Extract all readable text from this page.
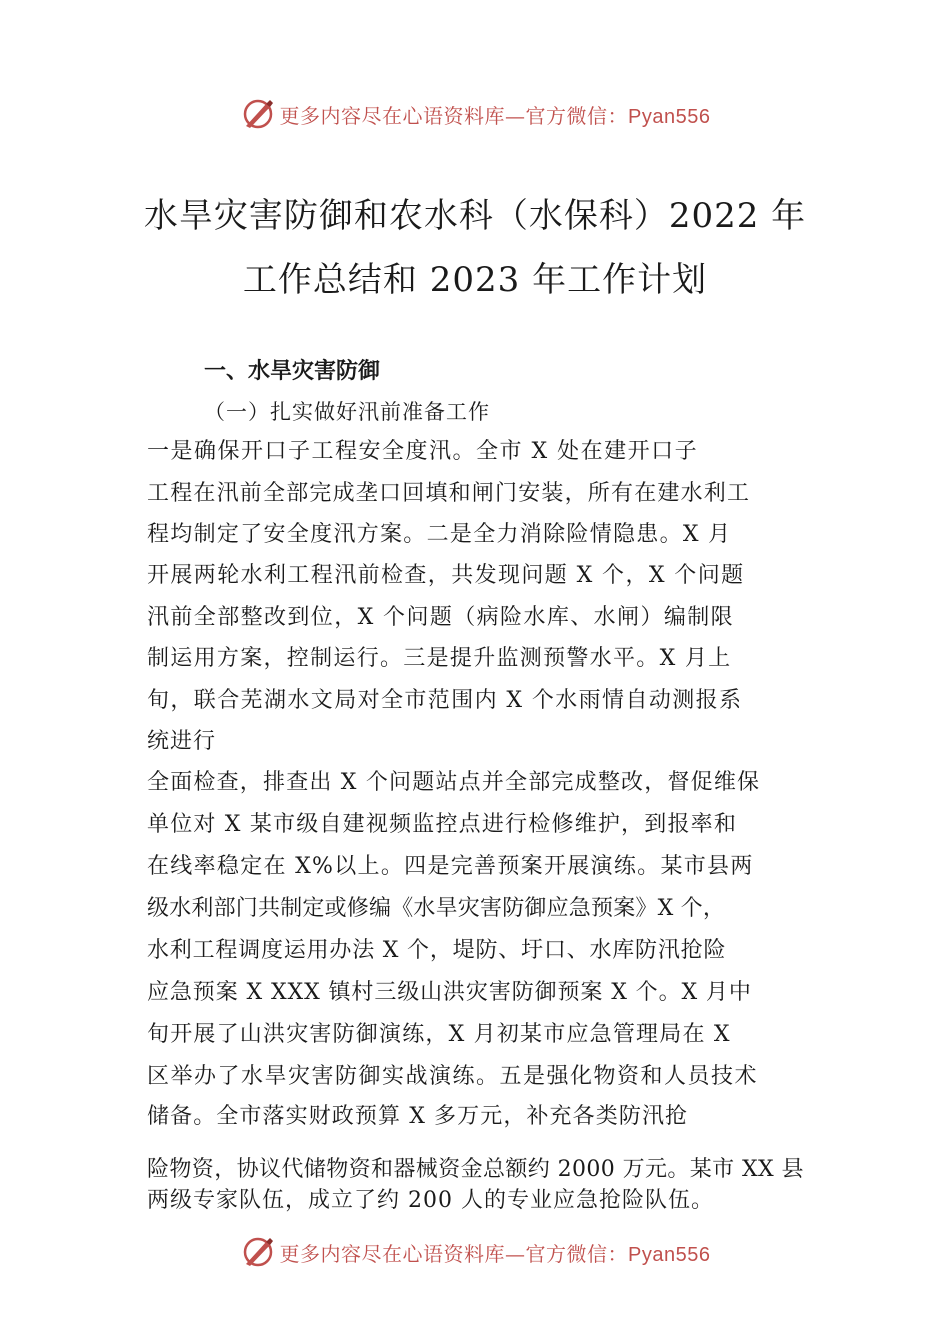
更多内容尽在心语资料库—官方微信：Pyan556
水旱灾害防御和农水科（水保科）2022 年
工作总结和 2023 年工作计划
一、水旱灾害防御
（一）扎实做好汛前准备工作
一是确保开口子工程安全度汛。全市 X 处在建开口子
工程在汛前全部完成垄口回填和闸门安装，所有在建水利工
程均制定了安全度汛方案。二是全力消除险情隐患。X 月
开展两轮水利工程汛前检查，共发现问题 X 个，X 个问题
汛前全部整改到位，X 个问题（病险水库、水闸）编制限
制运用方案，控制运行。三是提升监测预警水平。X 月上
旬，联合芜湖水文局对全市范围内 X 个水雨情自动测报系
统进行
全面检查，排查出 X 个问题站点并全部完成整改，督促维保
单位对 X 某市级自建视频监控点进行检修维护，到报率和
在线率稳定在 X%以上。四是完善预案开展演练。某市县两
级水利部门共制定或修编《水旱灾害防御应急预案》X 个，
水利工程调度运用办法 X 个，堤防、圩口、水库防汛抢险
应急预案 X XXX 镇村三级山洪灾害防御预案 X 个。X 月中
旬开展了山洪灾害防御演练，X 月初某市应急管理局在 X
区举办了水旱灾害防御实战演练。五是强化物资和人员技术
储备。全市落实财政预算 X 多万元，补充各类防汛抢
险物资，协议代储物资和器械资金总额约 2000 万元。某市 XX 县
两级专家队伍，成立了约 200 人的专业应急抢险队伍。
更多内容尽在心语资料库—官方微信：Pyan556
